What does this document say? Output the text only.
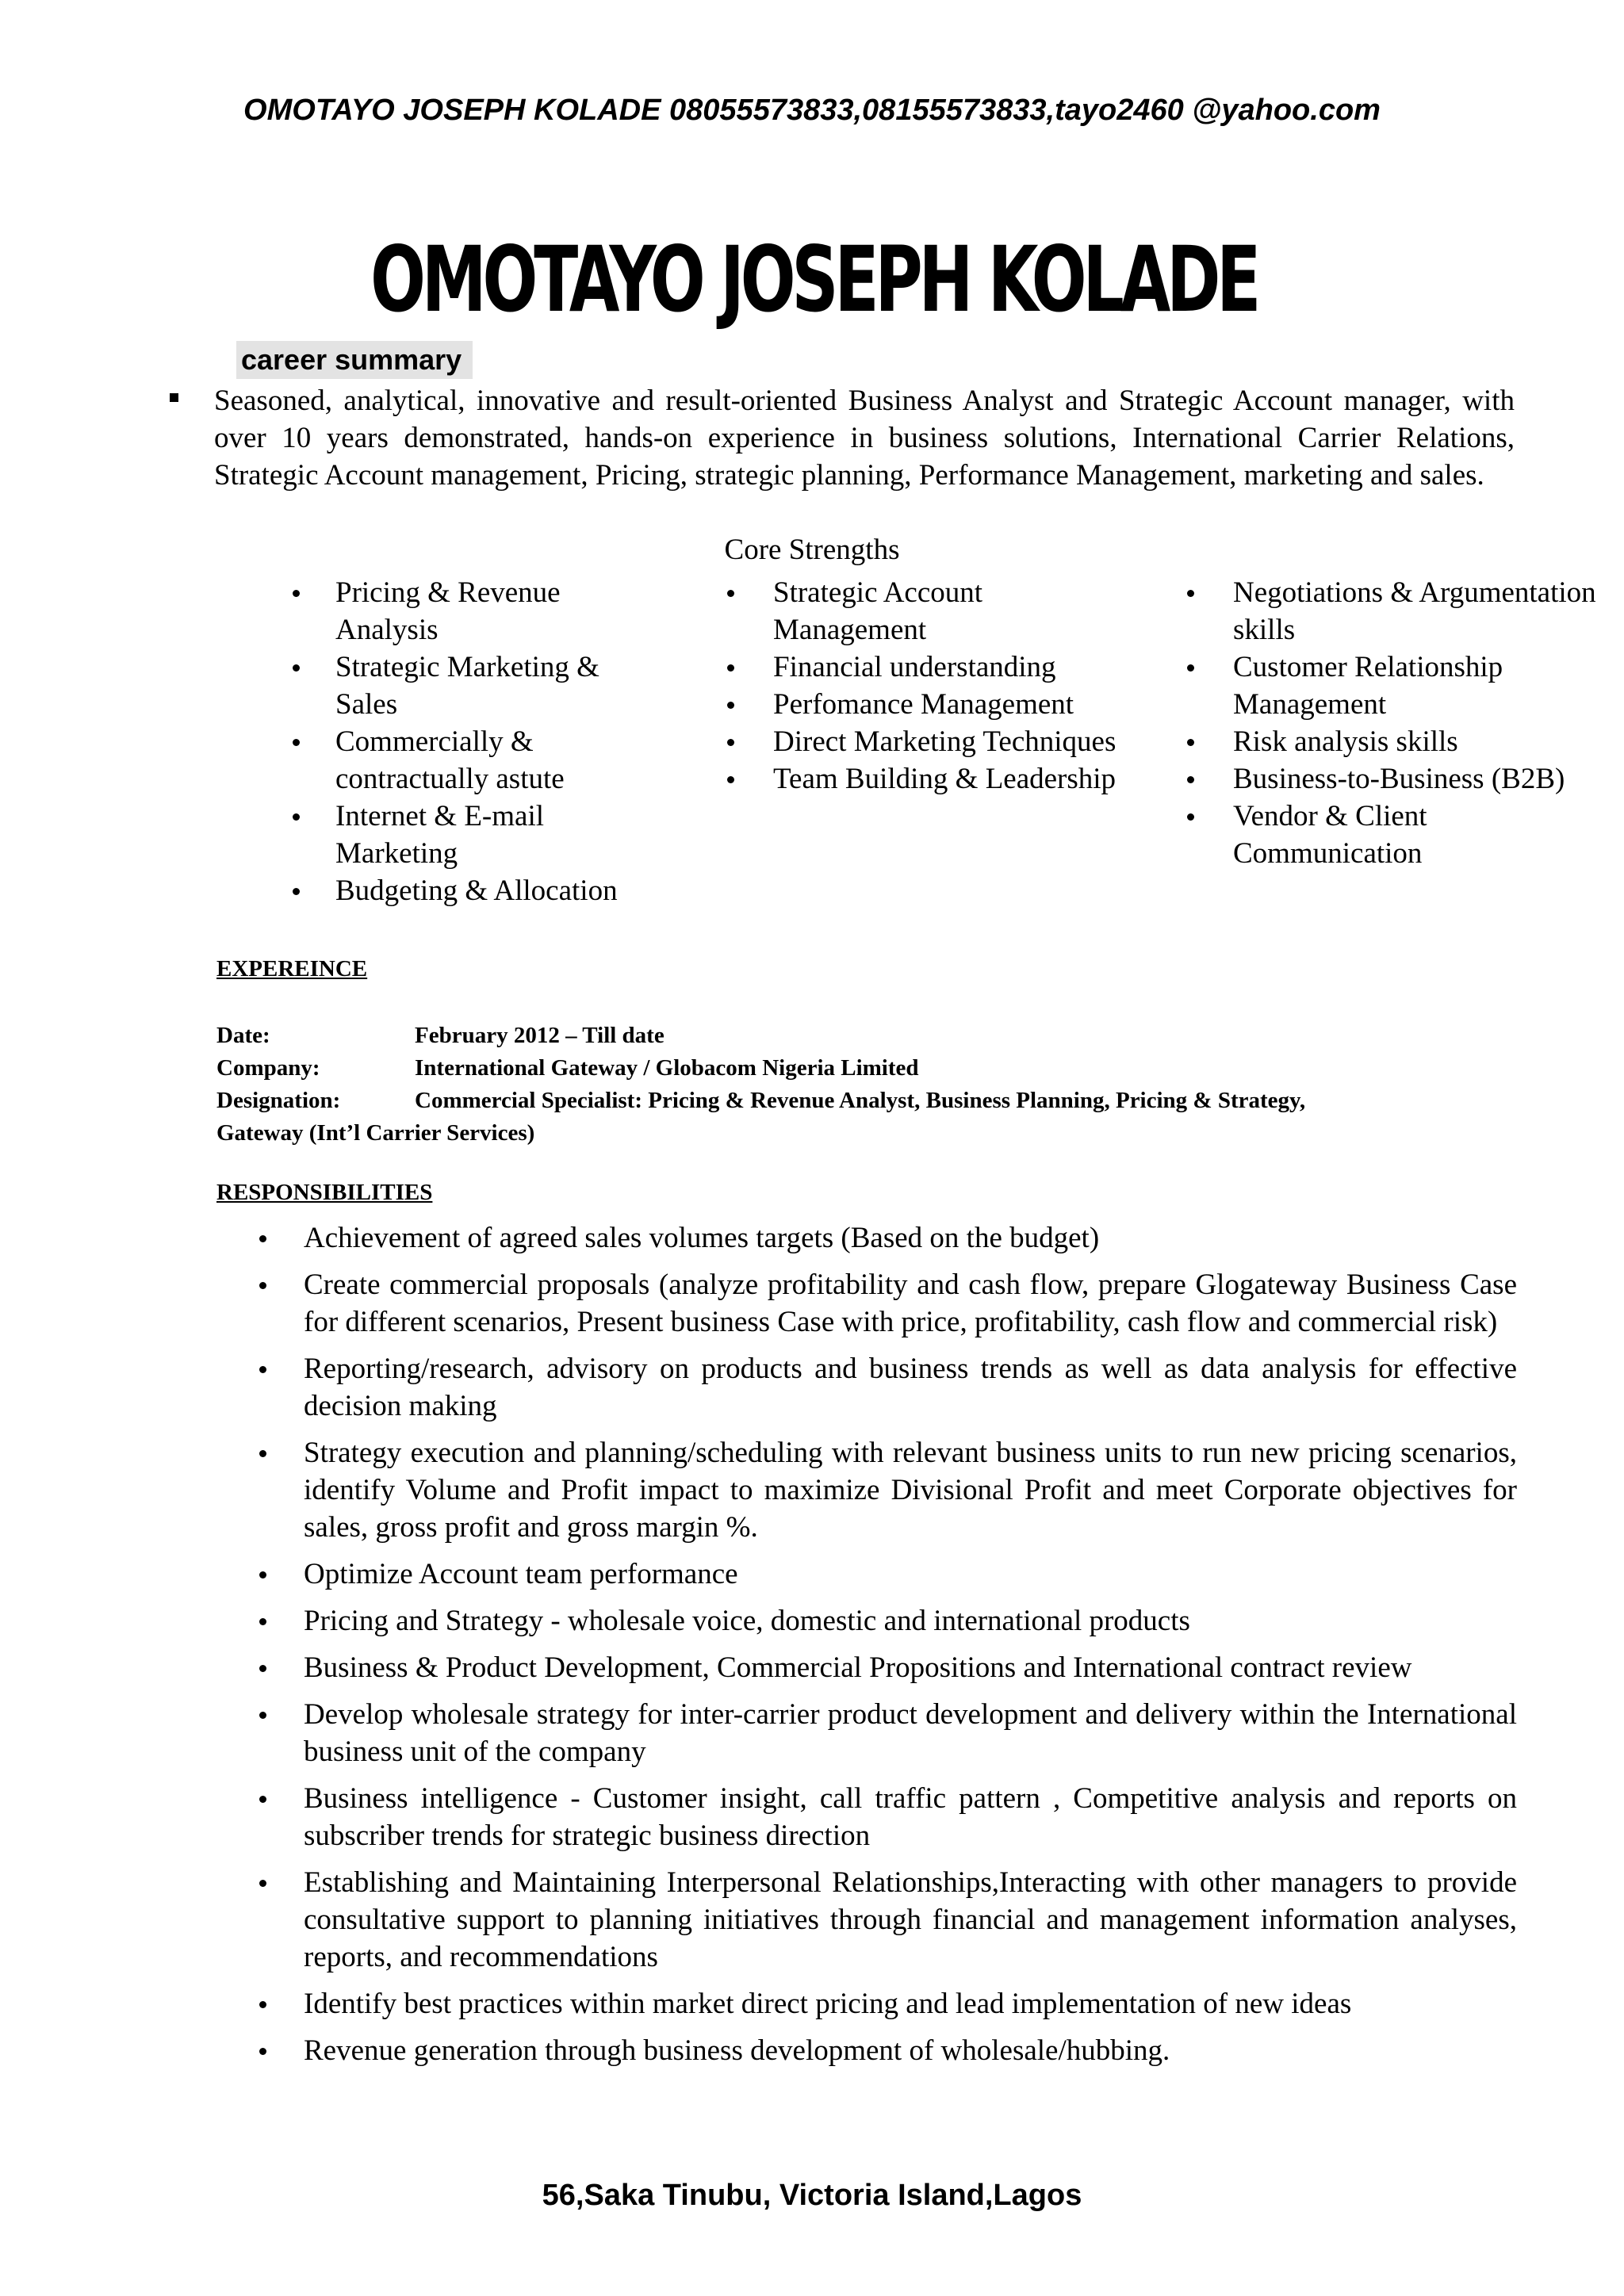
OMOTAYO JOSEPH KOLADE 08055573833,08155573833,tayo2460 @yahoo.com
OMOTAYO JOSEPH KOLADE
career summary
Seasoned, analytical, innovative and result-oriented Business Analyst and Strategic Account manager, with over 10 years demonstrated, hands-on experience in business solutions, International Carrier Relations, Strategic Account management, Pricing, strategic planning, Performance Management, marketing and sales.
Core Strengths
Pricing & Revenue Analysis
Strategic Marketing & Sales
Commercially & contractually astute
Internet & E-mail Marketing
Budgeting & Allocation
Strategic Account Management
Financial understanding
Perfomance Management
Direct Marketing Techniques
Team Building & Leadership
Negotiations & Argumentation skills
Customer Relationship Management
Risk analysis skills
Business-to-Business (B2B)
Vendor & Client Communication
EXPEREINCE
Date:	February 2012 – Till date
Company:	International Gateway / Globacom Nigeria Limited
Designation:	Commercial Specialist: Pricing & Revenue Analyst, Business Planning, Pricing & Strategy,
Gateway (Int’l Carrier Services)
RESPONSIBILITIES
Achievement of agreed sales volumes targets (Based on the budget)
Create commercial proposals (analyze profitability and cash flow, prepare Glogateway Business Case for different scenarios, Present business Case with price, profitability, cash flow and commercial risk)
Reporting/research, advisory on products and business trends as well as data analysis for effective decision making
Strategy execution and planning/scheduling with relevant business units to run new pricing scenarios, identify Volume and Profit impact to maximize Divisional Profit and meet Corporate objectives for sales, gross profit and gross margin %.
Optimize Account team performance
Pricing and Strategy - wholesale voice, domestic and international products
Business & Product Development, Commercial Propositions and International contract review
Develop wholesale strategy for inter-carrier product development and delivery within the International business unit of the company
Business intelligence - Customer insight, call traffic pattern , Competitive analysis and reports on subscriber trends for strategic business direction
Establishing and Maintaining Interpersonal Relationships,Interacting with other managers to provide consultative support to planning initiatives through financial and management information analyses, reports, and recommendations
Identify best practices within market direct pricing and lead implementation of new ideas
Revenue generation through business development of wholesale/hubbing.
56,Saka Tinubu, Victoria Island,Lagos
